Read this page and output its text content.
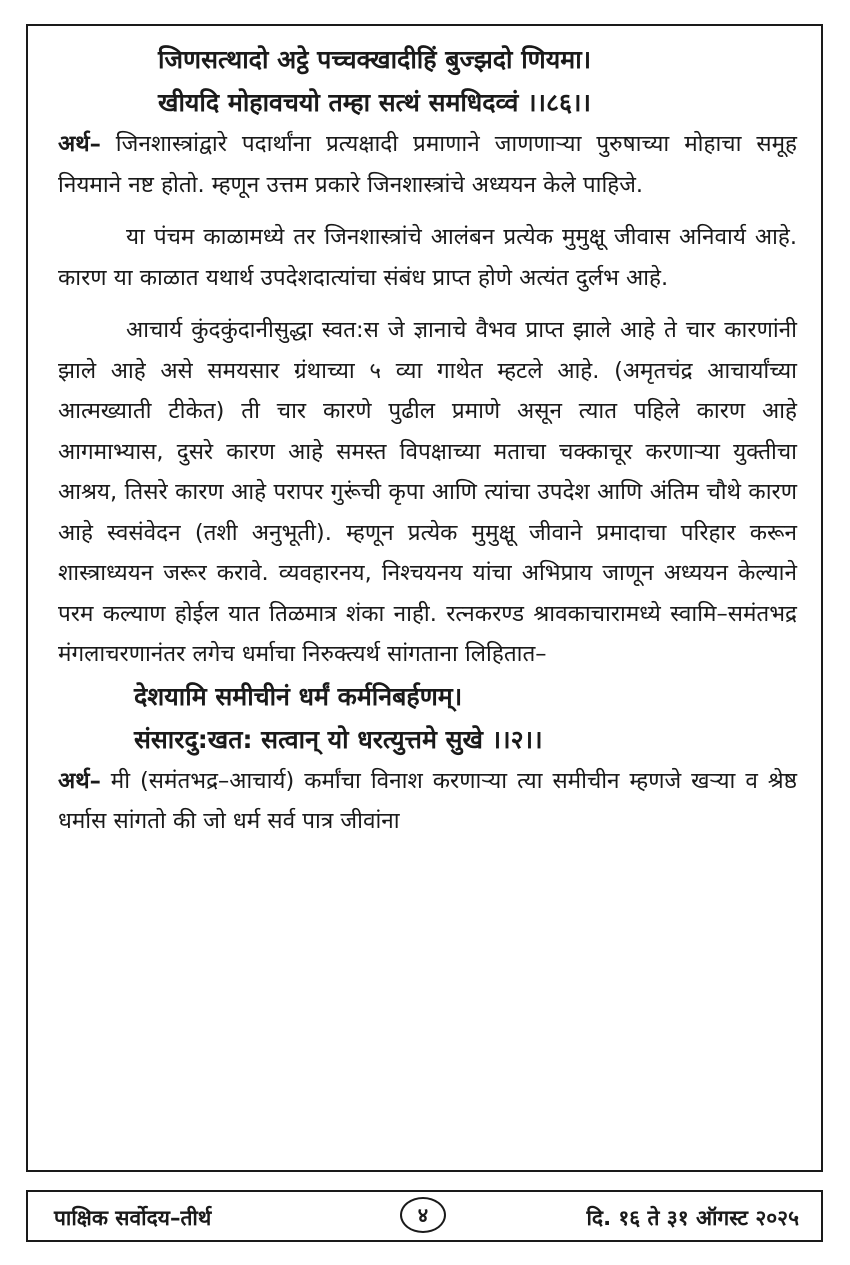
जिणसत्थादो अट्ठे पच्चक्खादीहिं बुज्झदो णियमा।
खीयदि मोहावचयो तम्हा सत्थं समधिदव्वं ।।८६।।

अर्थ– जिनशास्त्रांद्वारे पदार्थांना प्रत्यक्षादी प्रमाणाने जाणणाऱ्या पुरुषाच्या मोहाचा समूह नियमाने नष्ट होतो. म्हणून उत्तम प्रकारे जिनशास्त्रांचे अध्ययन केले पाहिजे.

या पंचम काळामध्ये तर जिनशास्त्रांचे आलंबन प्रत्येक मुमुक्षू जीवास अनिवार्य आहे. कारण या काळात यथार्थ उपदेशदात्यांचा संबंध प्राप्त होणे अत्यंत दुर्लभ आहे.

आचार्य कुंदकुंदानीसुद्धा स्वत:स जे ज्ञानाचे वैभव प्राप्त झाले आहे ते चार कारणांनी झाले आहे असे समयसार ग्रंथाच्या ५ व्या गाथेत म्हटले आहे. (अमृतचंद्र आचार्यांच्या आत्मख्याती टीकेत) ती चार कारणे पुढील प्रमाणे असून त्यात पहिले कारण आहे आगमाभ्यास, दुसरे कारण आहे समस्त विपक्षाच्या मताचा चक्काचूर करणाऱ्या युक्तीचा आश्रय, तिसरे कारण आहे परापर गुरूंची कृपा आणि त्यांचा उपदेश आणि अंतिम चौथे कारण आहे स्वसंवेदन (तशी अनुभूती). म्हणून प्रत्येक मुमुक्षू जीवाने प्रमादाचा परिहार करून शास्त्राध्ययन जरूर करावे. व्यवहारनय, निश्चयनय यांचा अभिप्राय जाणून अध्ययन केल्याने परम कल्याण होईल यात तिळमात्र शंका नाही. रत्नकरण्ड श्रावकाचारामध्ये स्वामि–समंतभद्र मंगलाचरणानंतर लगेच धर्माचा निरुक्त्यर्थ सांगताना लिहितात–

देशयामि समीचीनं धर्मं कर्मनिबर्हणम्।
संसारदु:खत: सत्वान् यो धरत्युत्तमे सुखे ।।२।।

अर्थ– मी (समंतभद्र–आचार्य) कर्मांचा विनाश करणाऱ्या त्या समीचीन म्हणजे खऱ्या व श्रेष्ठ धर्मास सांगतो की जो धर्म सर्व पात्र जीवांना

पाक्षिक सर्वोदय–तीर्थ	४	दि. १६ ते ३१ ऑगस्ट २०२५
